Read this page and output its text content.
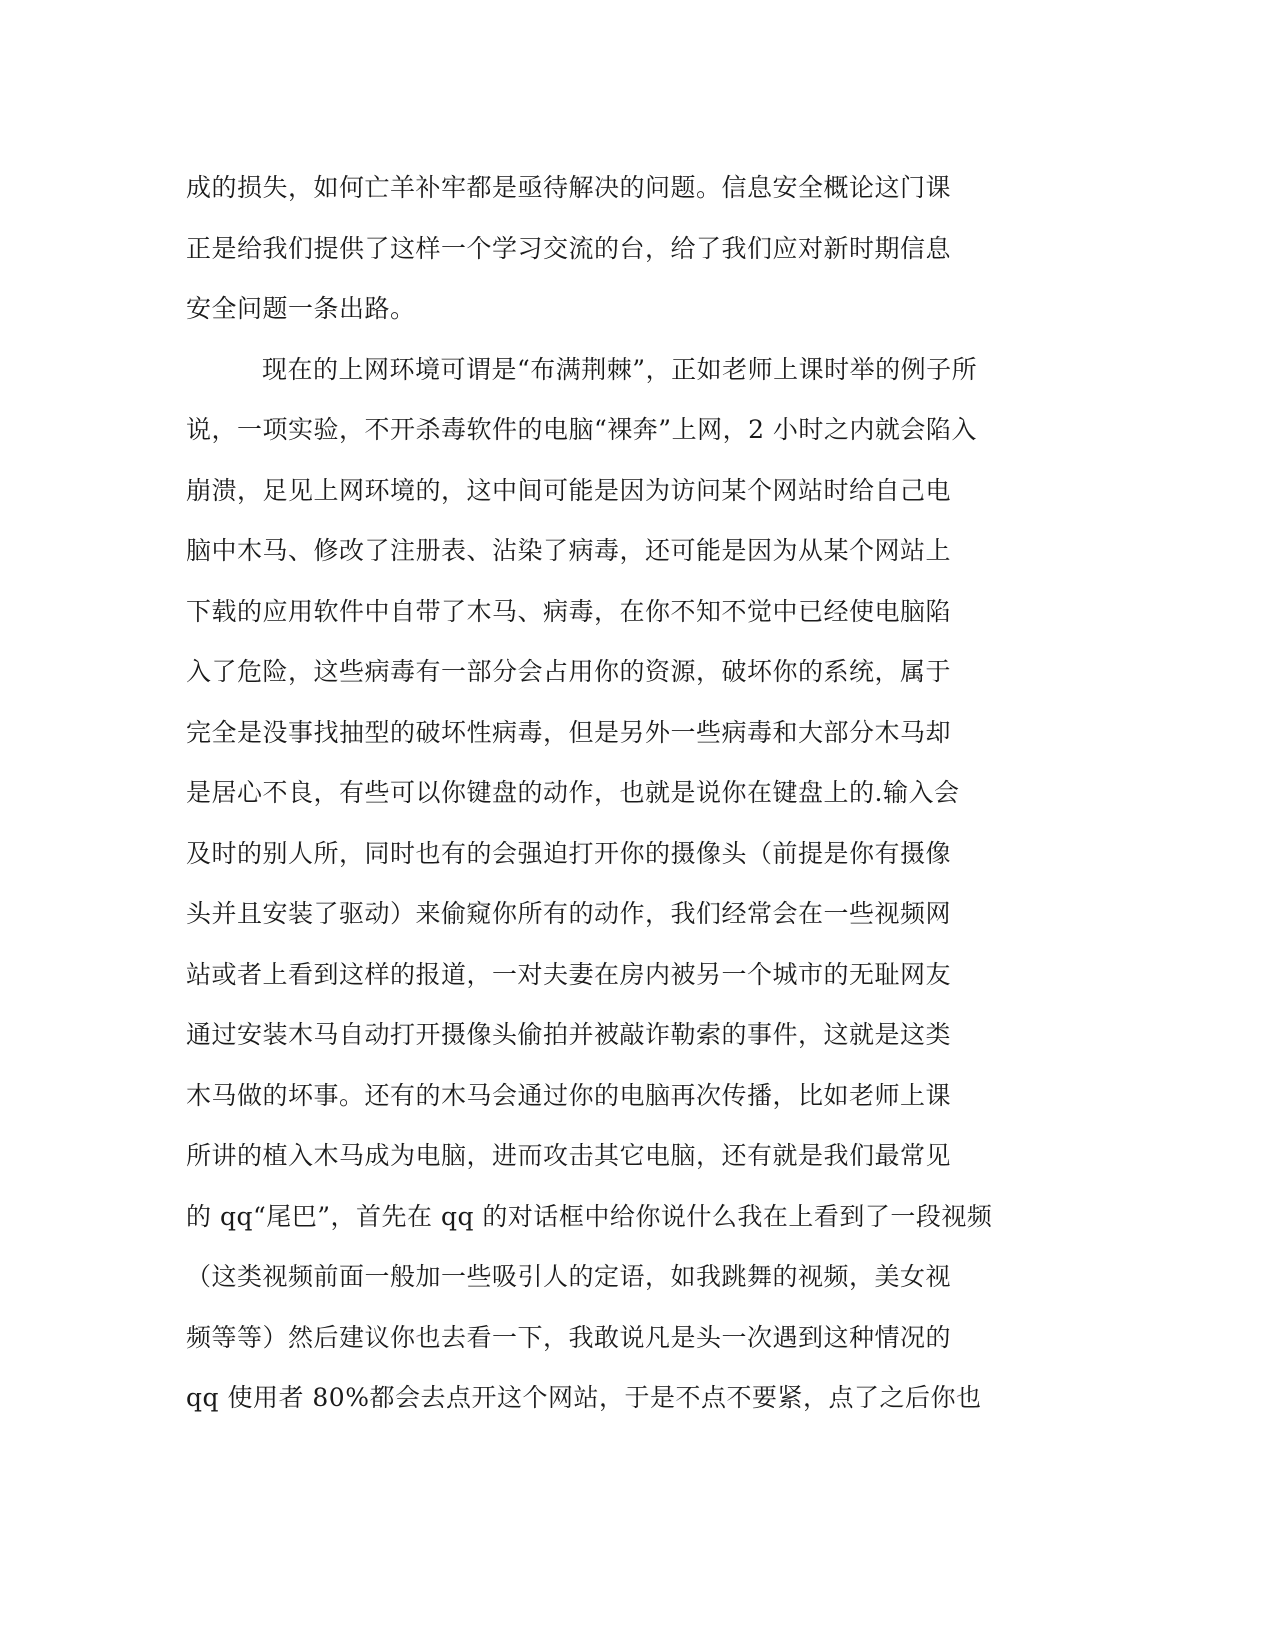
成的损失，如何亡羊补牢都是亟待解决的问题。信息安全概论这门课
正是给我们提供了这样一个学习交流的台，给了我们应对新时期信息
安全问题一条出路。
现在的上网环境可谓是“布满荆棘”，正如老师上课时举的例子所
说，一项实验，不开杀毒软件的电脑“裸奔”上网，2 小时之内就会陷入
崩溃，足见上网环境的，这中间可能是因为访问某个网站时给自己电
脑中木马、修改了注册表、沾染了病毒，还可能是因为从某个网站上
下载的应用软件中自带了木马、病毒，在你不知不觉中已经使电脑陷
入了危险，这些病毒有一部分会占用你的资源，破坏你的系统，属于
完全是没事找抽型的破坏性病毒，但是另外一些病毒和大部分木马却
是居心不良，有些可以你键盘的动作，也就是说你在键盘上的.输入会
及时的别人所，同时也有的会强迫打开你的摄像头（前提是你有摄像
头并且安装了驱动）来偷窥你所有的动作，我们经常会在一些视频网
站或者上看到这样的报道，一对夫妻在房内被另一个城市的无耻网友
通过安装木马自动打开摄像头偷拍并被敲诈勒索的事件，这就是这类
木马做的坏事。还有的木马会通过你的电脑再次传播，比如老师上课
所讲的植入木马成为电脑，进而攻击其它电脑，还有就是我们最常见
的 qq“尾巴”，首先在 qq 的对话框中给你说什么我在上看到了一段视频
（这类视频前面一般加一些吸引人的定语，如我跳舞的视频，美女视
频等等）然后建议你也去看一下，我敢说凡是头一次遇到这种情况的
qq 使用者 80%都会去点开这个网站，于是不点不要紧，点了之后你也
